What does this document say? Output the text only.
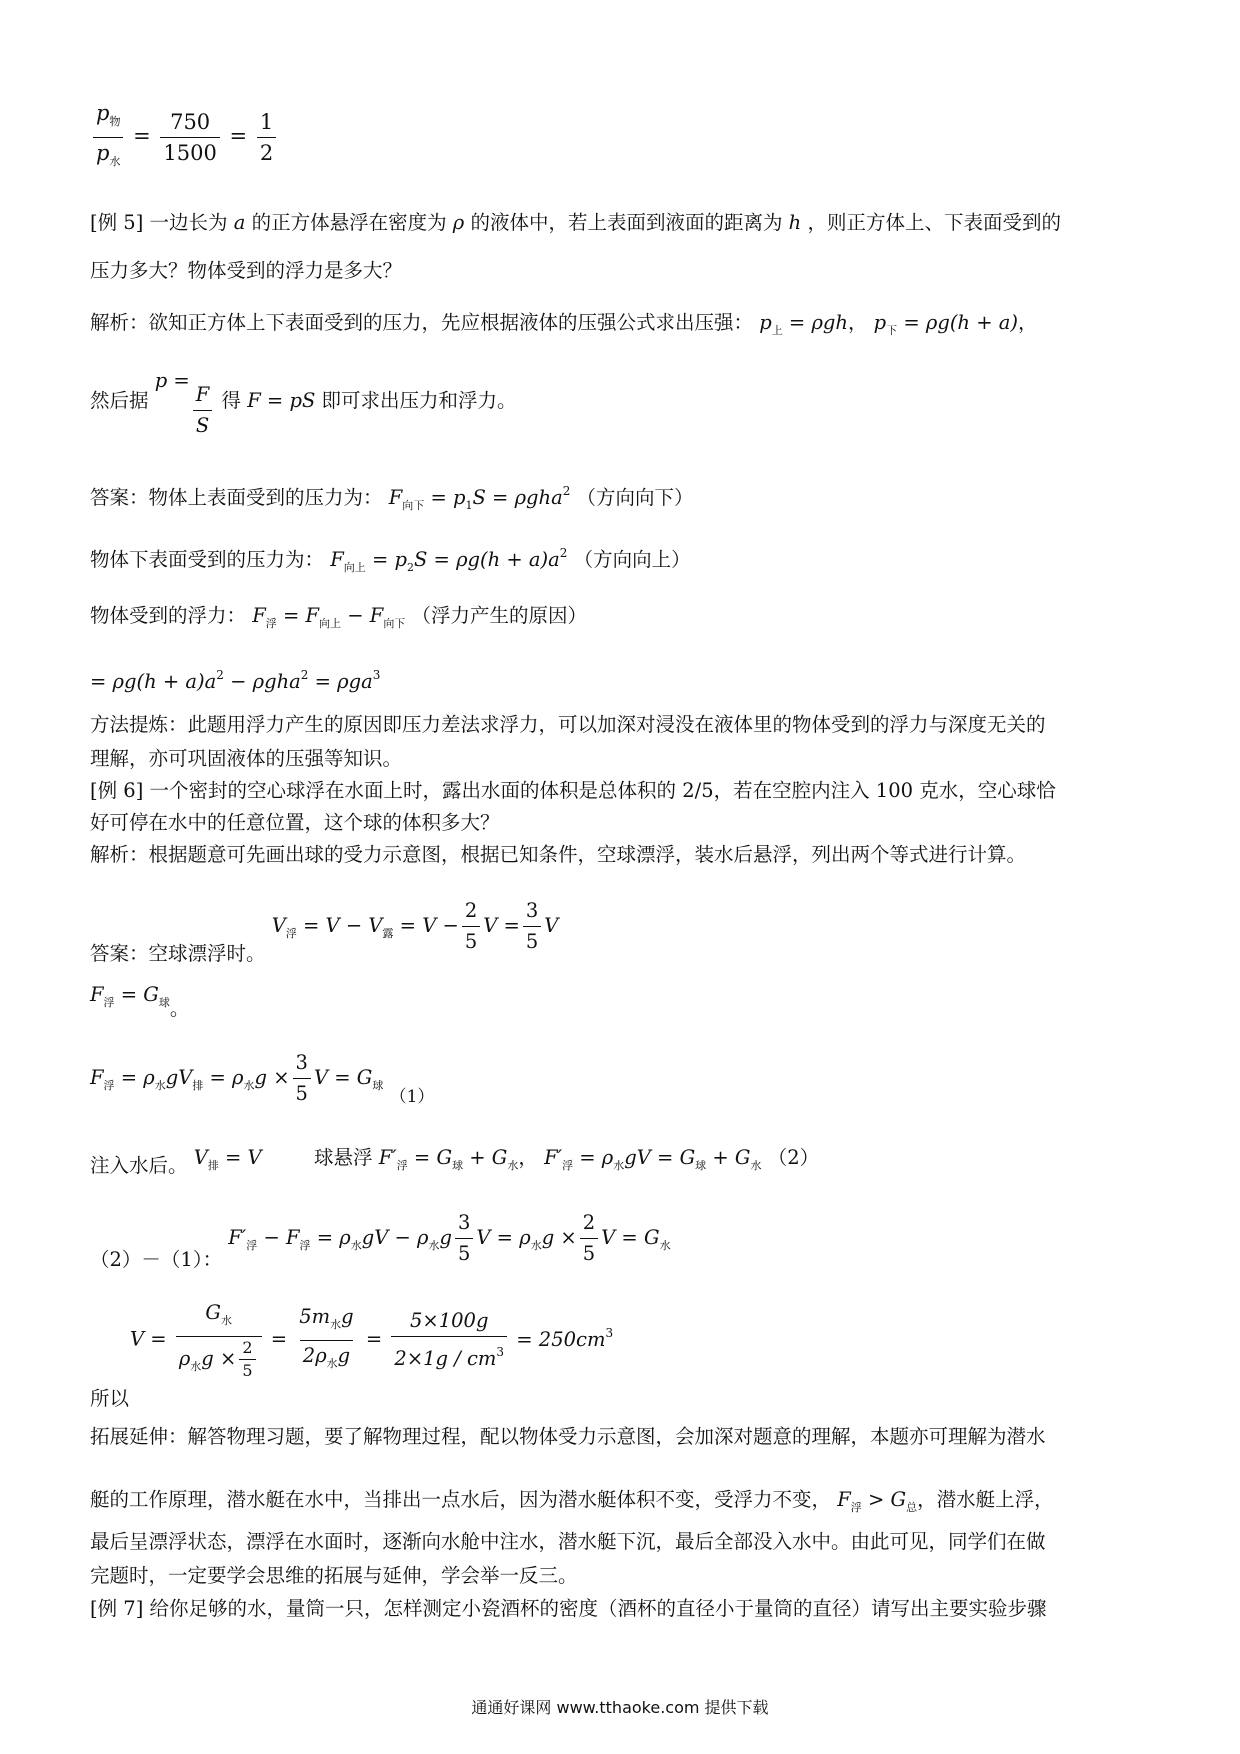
$\frac{p_物}{p_水} = \frac{750}{1500} = \frac{1}{2}$
[例 5] 一边长为 a 的正方体悬浮在密度为 ρ 的液体中，若上表面到液面的距离为 h ，则正方体上、下表面受到的
压力多大？物体受到的浮力是多大？
解析：欲知正方体上下表面受到的压力，先应根据液体的压强公式求出压强： $p_上 = \rho gh$， $p_下 = \rho g(h + a)$，
然后据 p =
$\frac{F}{S}$ 得 F = pS 即可求出压力和浮力。
答案：物体上表面受到的压力为： $F_{向下} = p_1S = \rho gha^2$ （方向向下）
物体下表面受到的压力为： $F_{向上} = p_2S = \rho g(h + a)a^2$ （方向向上）
物体受到的浮力： $F_浮 = F_{向上} - F_{向下}$ （浮力产生的原因）
= $\rho g(h + a)a^2 - \rho gha^2 = \rho ga^3$
方法提炼：此题用浮力产生的原因即压力差法求浮力，可以加深对浸没在液体里的物体受到的浮力与深度无关的
理解，亦可巩固液体的压强等知识。
[例 6] 一个密封的空心球浮在水面上时，露出水面的体积是总体积的 2/5，若在空腔内注入 100 克水，空心球恰
好可停在水中的任意位置，这个球的体积多大？
解析：根据题意可先画出球的受力示意图，根据已知条件，空球漂浮，装水后悬浮，列出两个等式进行计算。
答案：空球漂浮时。 $V_浮 = V - V_露 = V - \frac{2}{5}$ $V = \frac{3}{5}$ V
$F_浮 = G_球$。
$F_浮 = \rho_水gV_排 = \rho_水g \times \frac{3}{5}$ $V = G_球$ （1）
注入水后。 $V_排 = V$  球悬浮 $F'_浮 = G_球 + G_水$， $F'_浮 = \rho_水gV = G_球 + G_水$ （2）
（2）－（1）： $F'_浮 - F_浮 = \rho_水gV - \rho_水g \frac{3}{5}$ $V = \rho_水g \times \frac{2}{5}$ $V = G_水$
$V = \frac{G_水}{\rho_水g \times \frac{2}{5}} = \frac{5m_水g}{2\rho_水g} = \frac{5\times 100g}{2\times 1g / cm^3} = 250cm^3$
所以
拓展延伸：解答物理习题，要了解物理过程，配以物体受力示意图，会加深对题意的理解，本题亦可理解为潜水
艇的工作原理，潜水艇在水中，当排出一点水后，因为潜水艇体积不变，受浮力不变， $F_浮 > G_总$，潜水艇上浮，
最后呈漂浮状态，漂浮在水面时，逐渐向水舱中注水，潜水艇下沉，最后全部没入水中。由此可见，同学们在做
完题时，一定要学会思维的拓展与延伸，学会举一反三。
[例 7] 给你足够的水，量筒一只，怎样测定小瓷酒杯的密度（酒杯的直径小于量筒的直径）请写出主要实验步骤
通通好课网 www.tthaoke.com 提供下载
